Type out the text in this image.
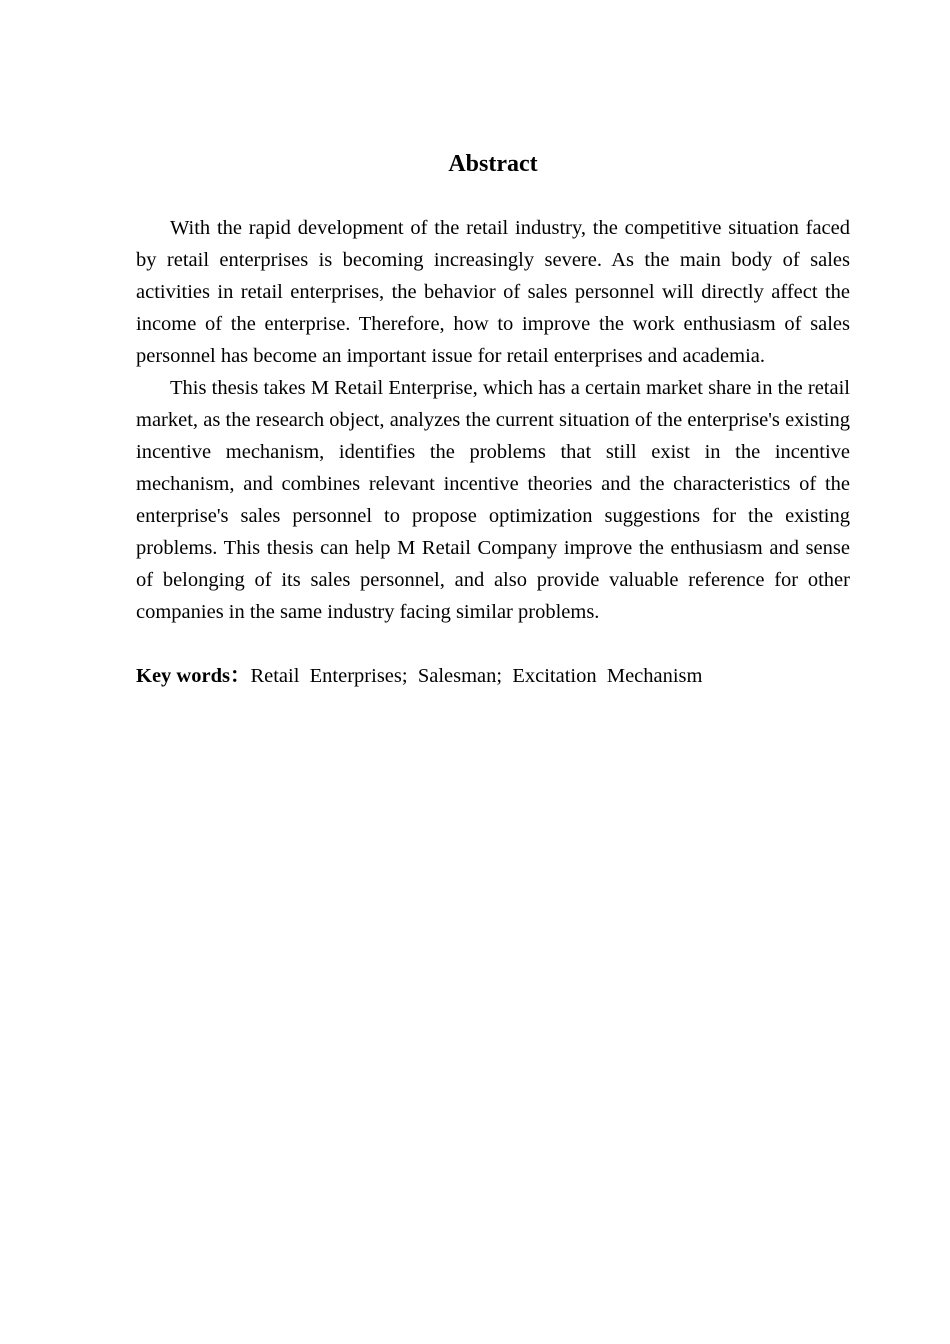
Abstract

With the rapid development of the retail industry, the competitive situation faced by retail enterprises is becoming increasingly severe. As the main body of sales activities in retail enterprises, the behavior of sales personnel will directly affect the income of the enterprise. Therefore, how to improve the work enthusiasm of sales personnel has become an important issue for retail enterprises and academia.

This thesis takes M Retail Enterprise, which has a certain market share in the retail market, as the research object, analyzes the current situation of the enterprise's existing incentive mechanism, identifies the problems that still exist in the incentive mechanism, and combines relevant incentive theories and the characteristics of the enterprise's sales personnel to propose optimization suggestions for the existing problems. This thesis can help M Retail Company improve the enthusiasm and sense of belonging of its sales personnel, and also provide valuable reference for other companies in the same industry facing similar problems.

Key words：Retail  Enterprises;  Salesman;  Excitation  Mechanism
